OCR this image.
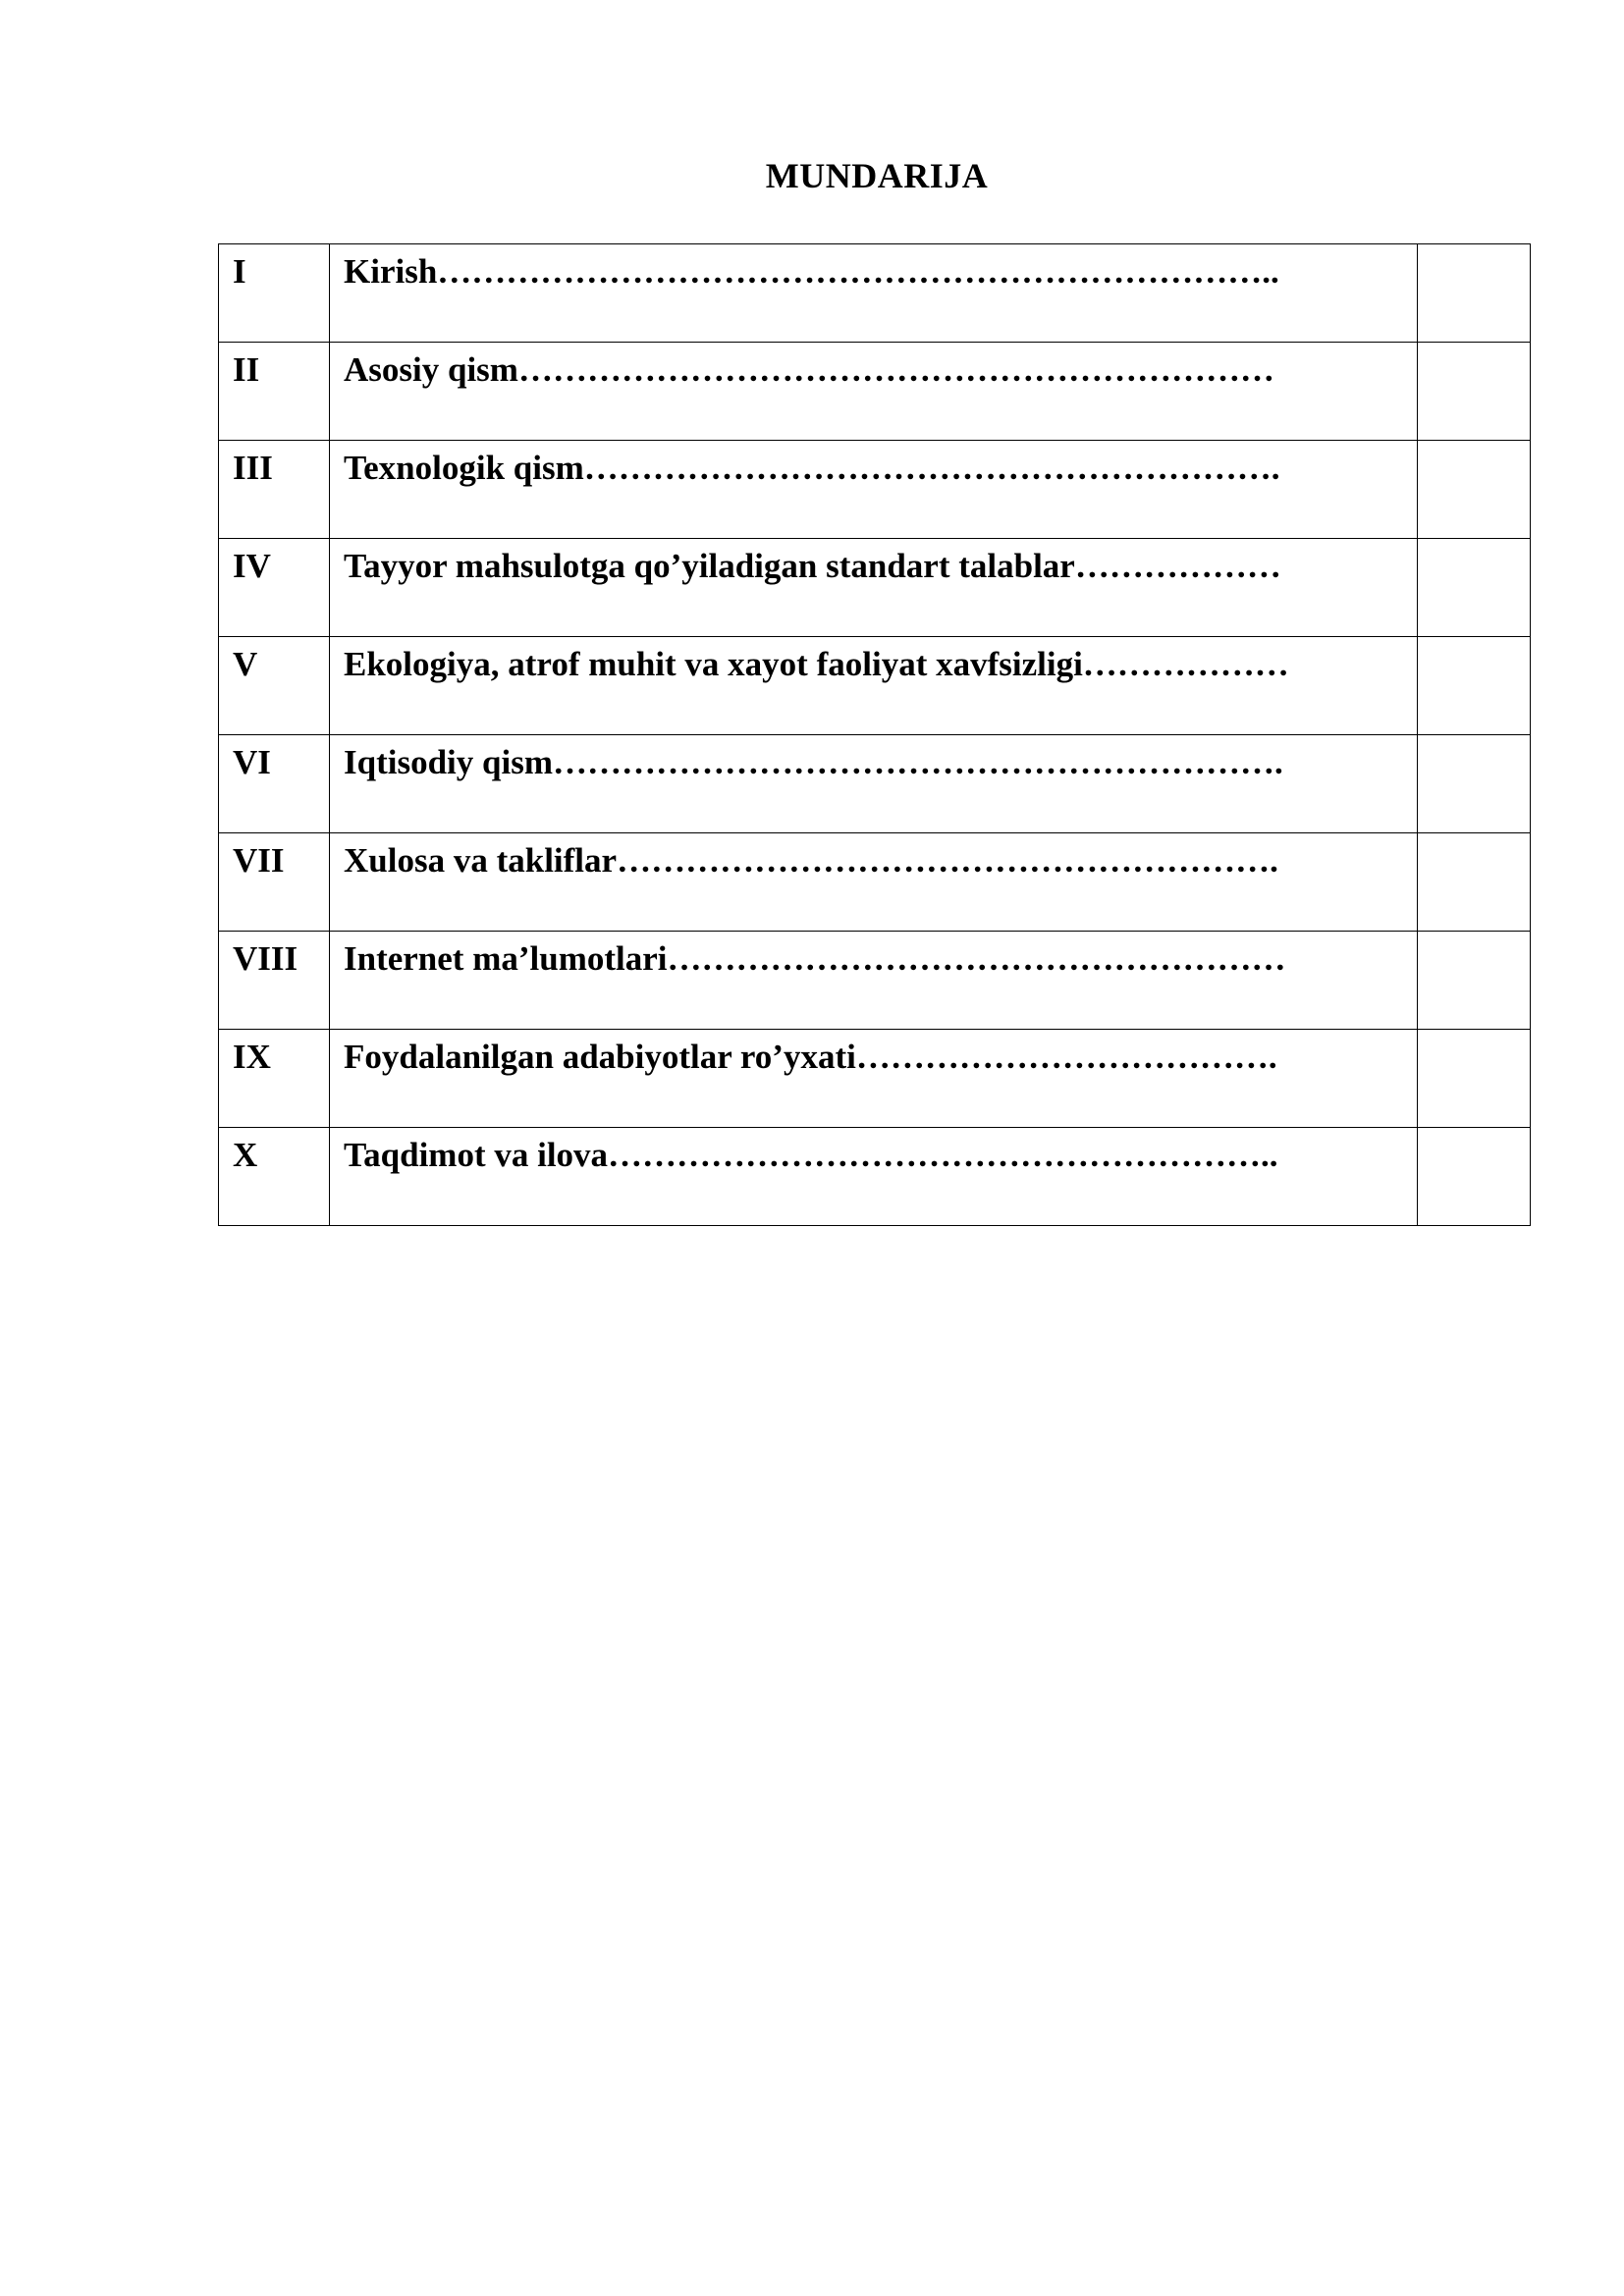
MUNDARIJA
I	Kirish………………………………………………………………..	
II	Asosiy qism…………………………………………………………	
III	Texnologik qism…………………………………………………….	
IV	Tayyor mahsulotga qo’yiladigan standart talablar………………	
V	Ekologiya, atrof muhit va xayot faoliyat xavfsizligi………………	
VI	Iqtisodiy qism……………………………………………………….	
VII	Xulosa va takliflar………………………………………………….	
VIII	Internet ma’lumotlari………………………………………………	
IX	Foydalanilgan adabiyotlar ro’yxati……………………………….	
X	Taqdimot va ilova…………………………………………………..	
